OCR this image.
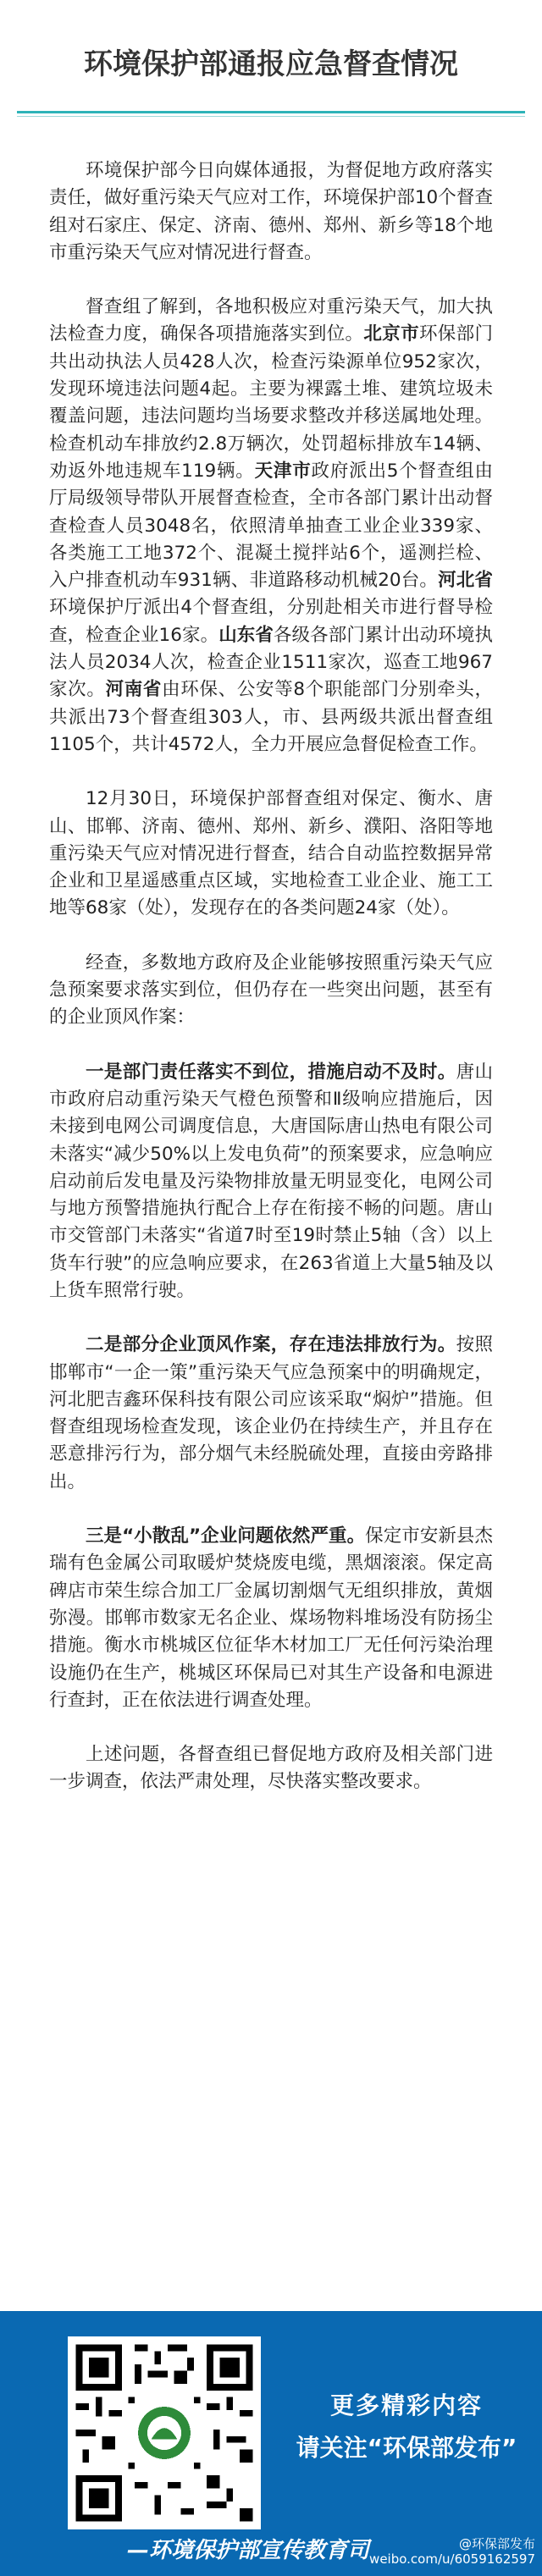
环境保护部通报应急督查情况

环境保护部今日向媒体通报，为督促地方政府落实责任，做好重污染天气应对工作，环境保护部10个督查组对石家庄、保定、济南、德州、郑州、新乡等18个地市重污染天气应对情况进行督查。

督查组了解到，各地积极应对重污染天气，加大执法检查力度，确保各项措施落实到位。北京市环保部门共出动执法人员428人次，检查污染源单位952家次，发现环境违法问题4起。主要为裸露土堆、建筑垃圾未覆盖问题，违法问题均当场要求整改并移送属地处理。检查机动车排放约2.8万辆次，处罚超标排放车14辆、劝返外地违规车119辆。天津市政府派出5个督查组由厅局级领导带队开展督查检查，全市各部门累计出动督查检查人员3048名，依照清单抽查工业企业339家、各类施工工地372个、混凝土搅拌站6个，遥测拦检、入户排查机动车931辆、非道路移动机械20台。河北省环境保护厅派出4个督查组，分别赴相关市进行督导检查，检查企业16家。山东省各级各部门累计出动环境执法人员2034人次，检查企业1511家次，巡查工地967家次。河南省由环保、公安等8个职能部门分别牵头，共派出73个督查组303人，市、县两级共派出督查组1105个，共计4572人，全力开展应急督促检查工作。

12月30日，环境保护部督查组对保定、衡水、唐山、邯郸、济南、德州、郑州、新乡、濮阳、洛阳等地重污染天气应对情况进行督查，结合自动监控数据异常企业和卫星遥感重点区域，实地检查工业企业、施工工地等68家（处），发现存在的各类问题24家（处）。

经查，多数地方政府及企业能够按照重污染天气应急预案要求落实到位，但仍存在一些突出问题，甚至有的企业顶风作案：

一是部门责任落实不到位，措施启动不及时。唐山市政府启动重污染天气橙色预警和Ⅱ级响应措施后，因未接到电网公司调度信息，大唐国际唐山热电有限公司未落实“减少50%以上发电负荷”的预案要求，应急响应启动前后发电量及污染物排放量无明显变化，电网公司与地方预警措施执行配合上存在衔接不畅的问题。唐山市交管部门未落实“省道7时至19时禁止5轴（含）以上货车行驶”的应急响应要求，在263省道上大量5轴及以上货车照常行驶。

二是部分企业顶风作案，存在违法排放行为。按照邯郸市“一企一策”重污染天气应急预案中的明确规定，河北肥吉鑫环保科技有限公司应该采取“焖炉”措施。但督查组现场检查发现，该企业仍在持续生产，并且存在恶意排污行为，部分烟气未经脱硫处理，直接由旁路排出。

三是“小散乱”企业问题依然严重。保定市安新县杰瑞有色金属公司取暖炉焚烧废电缆，黑烟滚滚。保定高碑店市荣生综合加工厂金属切割烟气无组织排放，黄烟弥漫。邯郸市数家无名企业、煤场物料堆场没有防扬尘措施。衡水市桃城区位征华木材加工厂无任何污染治理设施仍在生产，桃城区环保局已对其生产设备和电源进行查封，正在依法进行调查处理。

上述问题，各督查组已督促地方政府及相关部门进一步调查，依法严肃处理，尽快落实整改要求。

更多精彩内容
请关注“环保部发布”
—环境保护部宣传教育司	@环保部发布
weibo.com/u/6059162597
